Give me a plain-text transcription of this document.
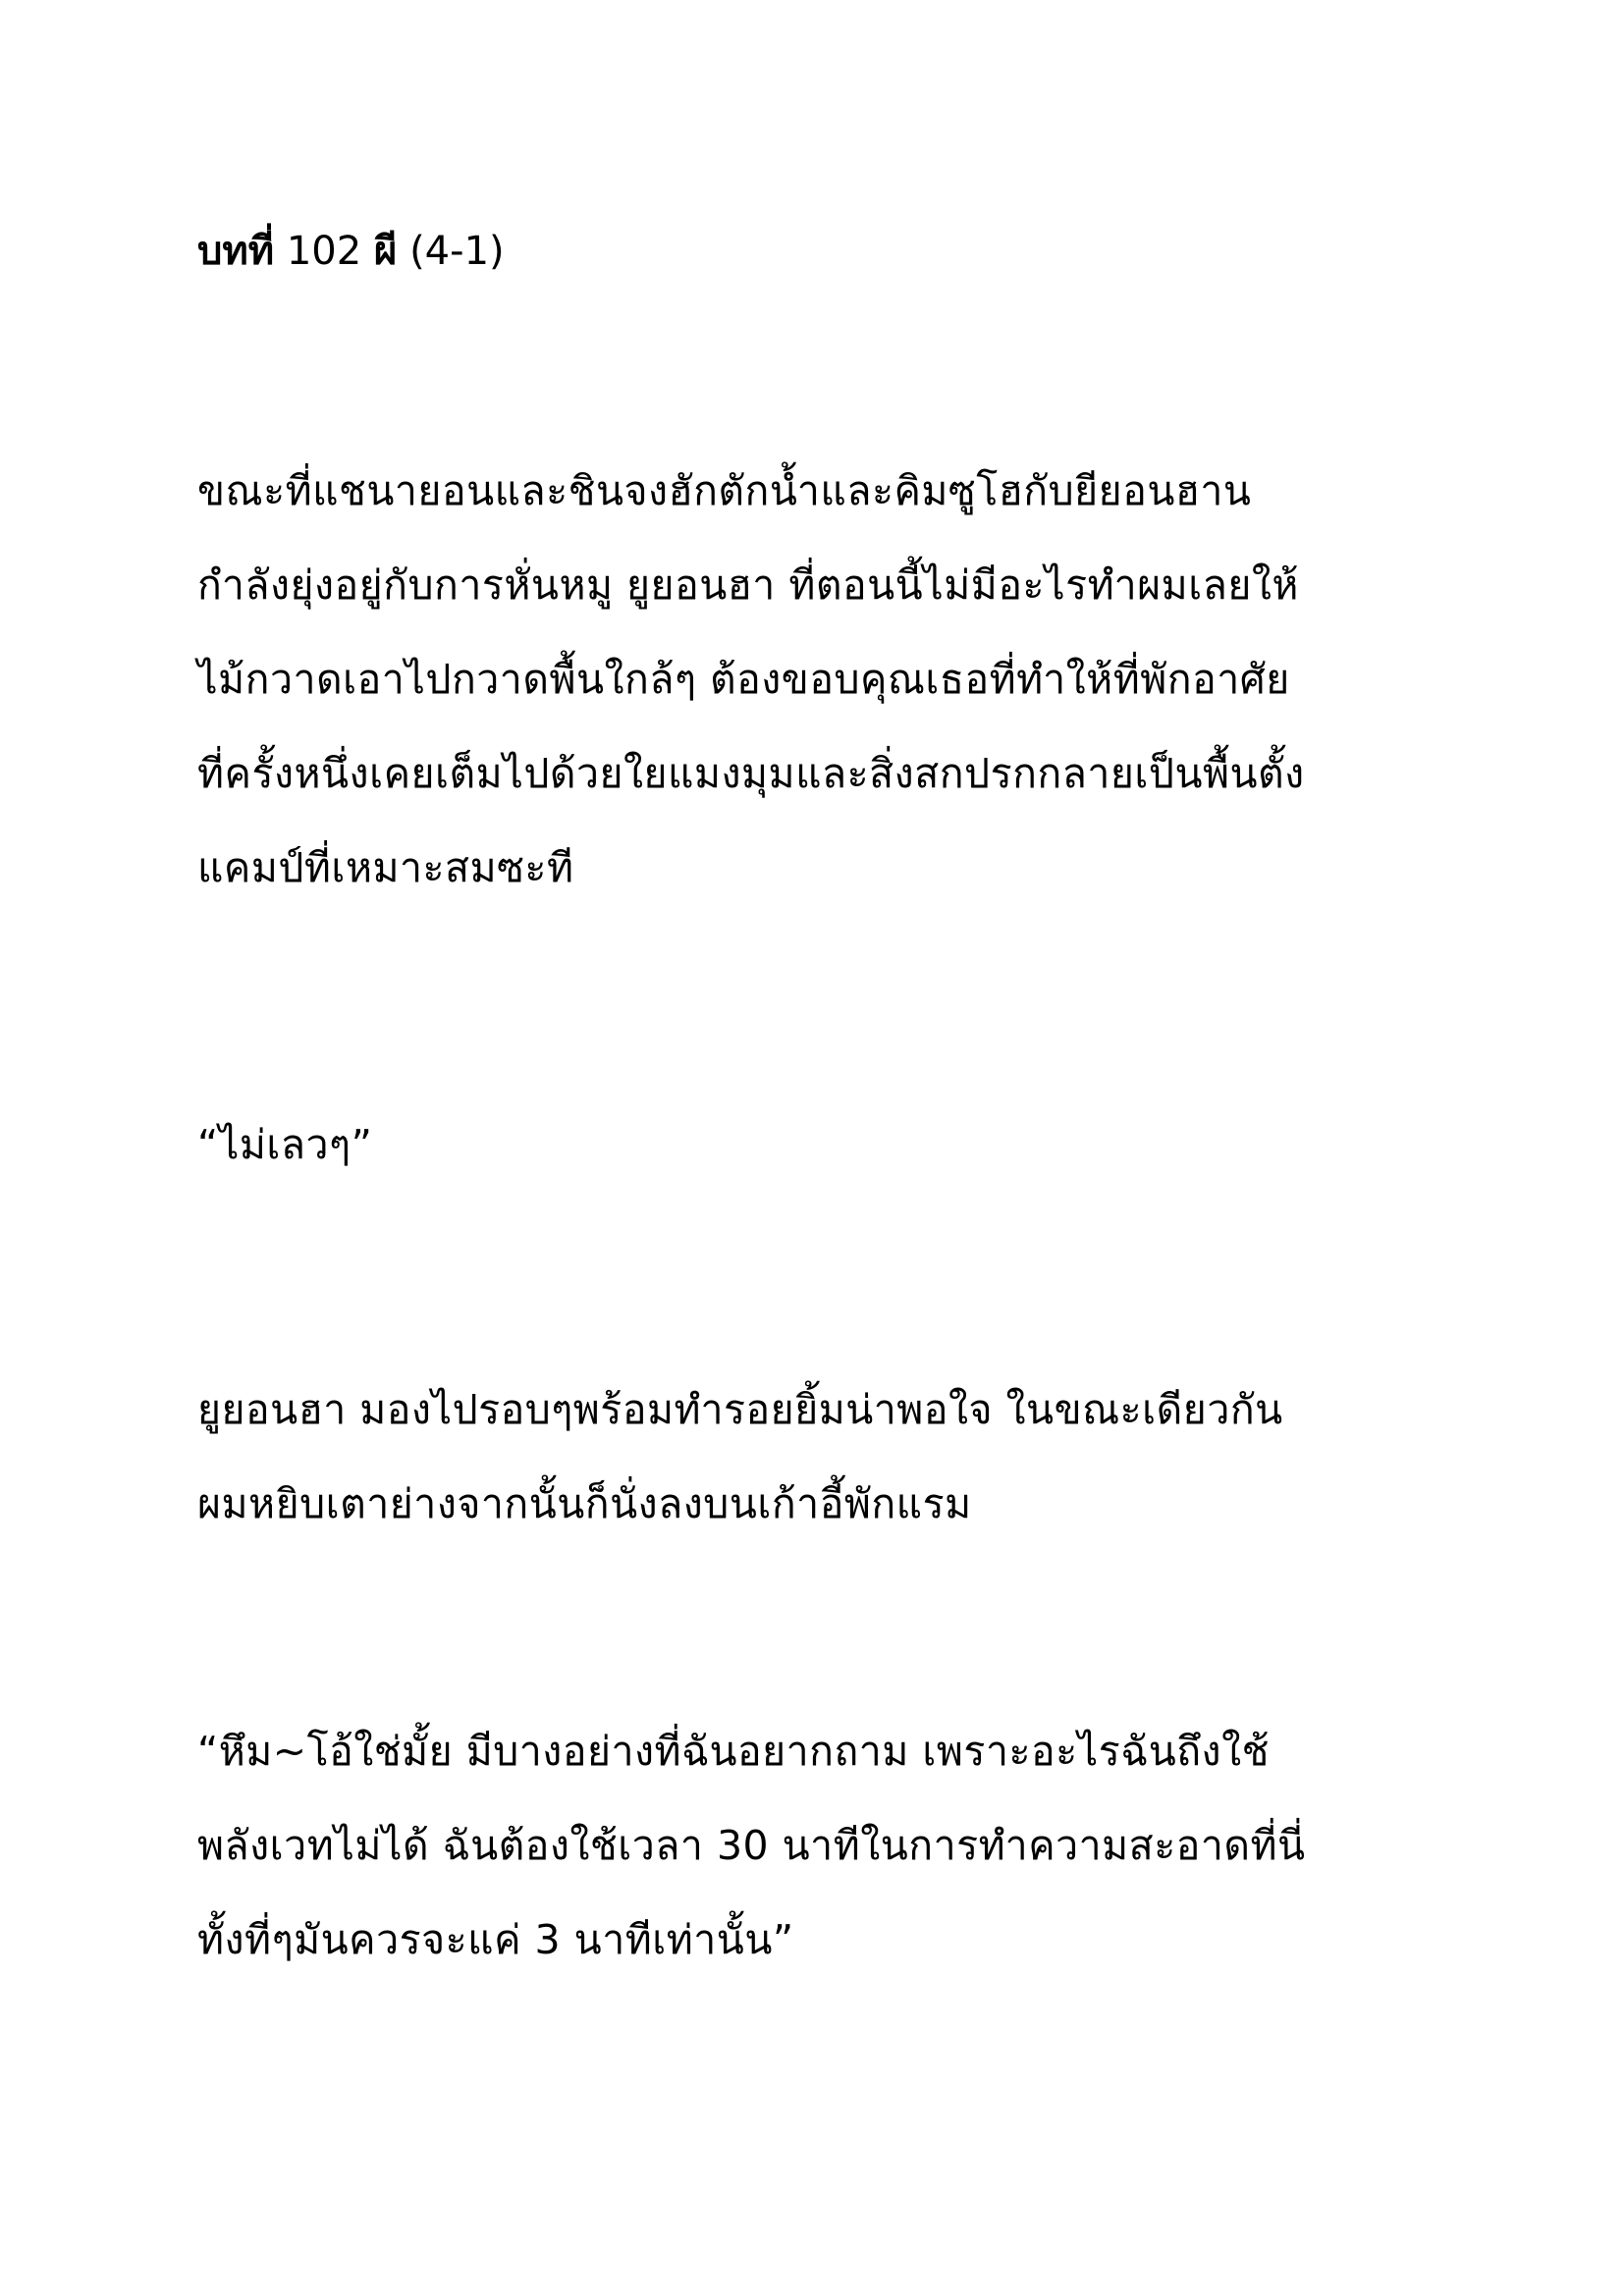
บทที่ 102 ผี (4-1)
ขณะที่แชนายอนและชินจงฮักตักน้ำและคิมซูโฮกับยียอนฮาน
กำลังยุ่งอยู่กับการหั่นหมู ยูยอนฮา ที่ตอนนี้ไม่มีอะไรทำผมเลยให้
ไม้กวาดเอาไปกวาดพื้นใกล้ๆ ต้องขอบคุณเธอที่ทำให้ที่พักอาศัย
ที่ครั้งหนึ่งเคยเต็มไปด้วยใยแมงมุมและสิ่งสกปรกกลายเป็นพื้นตั้ง
แคมป์ที่เหมาะสมซะที
“ไม่เลวๆ”
ยูยอนฮา มองไปรอบๆพร้อมทำรอยยิ้มน่าพอใจ ในขณะเดียวกัน
ผมหยิบเตาย่างจากนั้นก็นั่งลงบนเก้าอี้พักแรม
“หึม~โอ้ใช่มั้ย มีบางอย่างที่ฉันอยากถาม เพราะอะไรฉันถึงใช้
พลังเวทไม่ได้ ฉันต้องใช้เวลา 30 นาทีในการทำความสะอาดที่นี่
ทั้งที่ๆมันควรจะแค่ 3 นาทีเท่านั้น”
